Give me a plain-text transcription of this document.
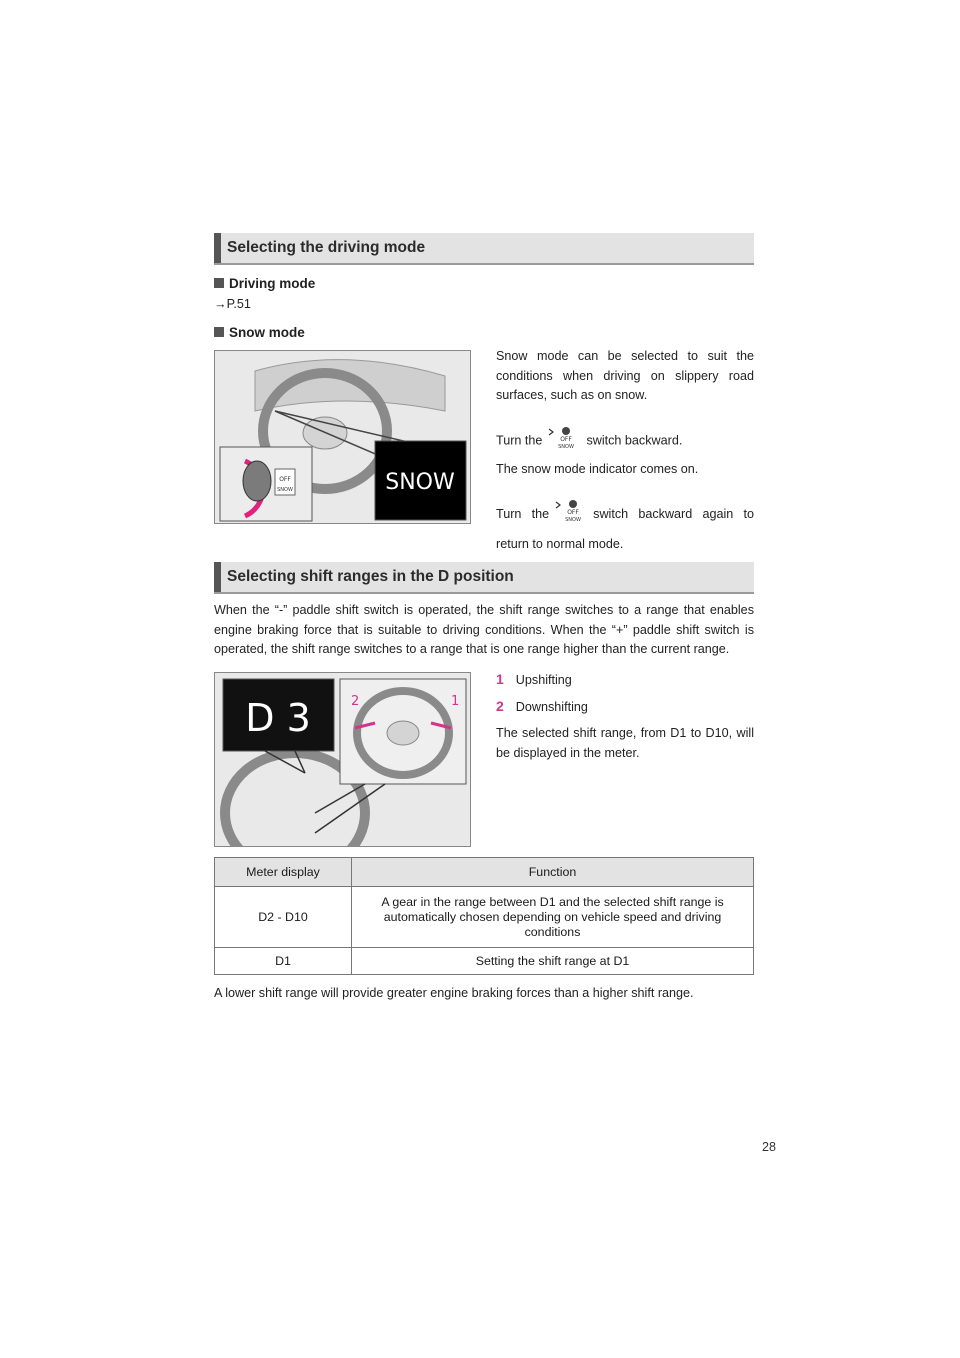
Selecting the driving mode
Driving mode
→P.51
Snow mode
OFF
SNOW	SNOW
Snow mode can be selected to suit the conditions when driving on slippery road surfaces, such as on snow.
Turn the	OFF
SNOW switch backward.
The snow mode indicator comes on.
Turn the	OFF
SNOW switch backward again to return to normal mode.
Selecting shift ranges in the D position
When the “-” paddle shift switch is operated, the shift range switches to a range that enables engine braking force that is suitable to driving conditions. When the “+” paddle shift switch is operated, the shift range switches to a range that is one range higher than the current range.
D 3	2	1
1 Upshifting
2 Downshifting
The selected shift range, from D1 to D10, will be displayed in the meter.
Meter display	Function
D2 - D10	A gear in the range between D1 and the selected shift range is automatically chosen depending on vehicle speed and driving conditions
D1	Setting the shift range at D1
A lower shift range will provide greater engine braking forces than a higher shift range.
28
